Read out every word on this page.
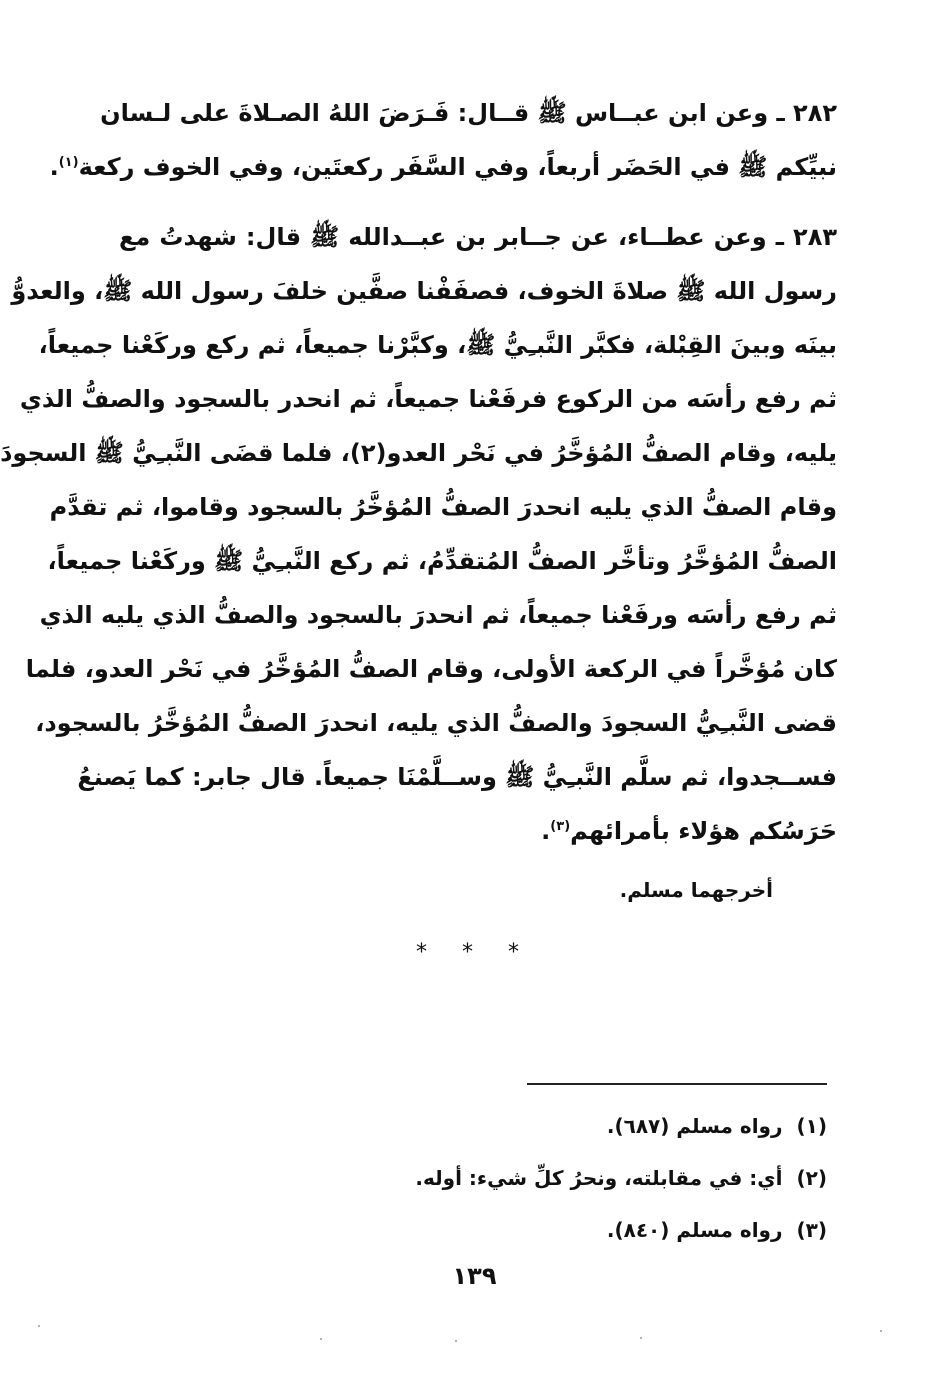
٢٨٢ ـ وعن ابن عبــاس ﷺ قــال: فَـرَضَ اللهُ الصـلاةَ على لـسان
نبيِّكم ﷺ في الحَضَر أربعاً، وفي السَّفَر ركعتَين، وفي الخوف ركعة$^{(١)}$.
٢٨٣ ـ وعن عطــاء، عن جــابر بن عبــدالله ﷺ قال: شهدتُ مع
رسول الله ﷺ صلاةَ الخوف، فصفَفْنا صفَّين خلفَ رسول الله ﷺ، والعدوُّ
بينَه وبينَ القِبْلة، فكبَّر النَّبـِيُّ ﷺ، وكبَّرْنا جميعاً، ثم ركع وركَعْنا جميعاً،
ثم رفع رأسَه من الركوع فرفَعْنا جميعاً، ثم انحدر بالسجود والصفُّ الذي
يليه، وقام الصفُّ المُؤخَّرُ في نَحْر العدو(٢)، فلما قضَى النَّبـِيُّ ﷺ السجودَ
وقام الصفُّ الذي يليه انحدرَ الصفُّ المُؤخَّرُ بالسجود وقاموا، ثم تقدَّم
الصفُّ المُؤخَّرُ وتأخَّر الصفُّ المُتقدِّمُ، ثم ركع النَّبـِيُّ ﷺ وركَعْنا جميعاً،
ثم رفع رأسَه ورفَعْنا جميعاً، ثم انحدرَ بالسجود والصفُّ الذي يليه الذي
كان مُؤخَّراً في الركعة الأولى، وقام الصفُّ المُؤخَّرُ في نَحْر العدو، فلما
قضى النَّبـِيُّ السجودَ والصفُّ الذي يليه، انحدرَ الصفُّ المُؤخَّرُ بالسجود،
فســجدوا، ثم سلَّم النَّبـِيُّ ﷺ وســلَّمْنَا جميعاً. قال جابر: كما يَصنعُ
حَرَسُكم هؤلاء بأمرائهم$^{(٣)}$.
أخرجهما مسلم.
* * *
(١)رواه مسلم (٦٨٧).
(٢)أي: في مقابلته، ونحرُ كلِّ شيء: أوله.
(٣)رواه مسلم (٨٤٠).
١٣٩
